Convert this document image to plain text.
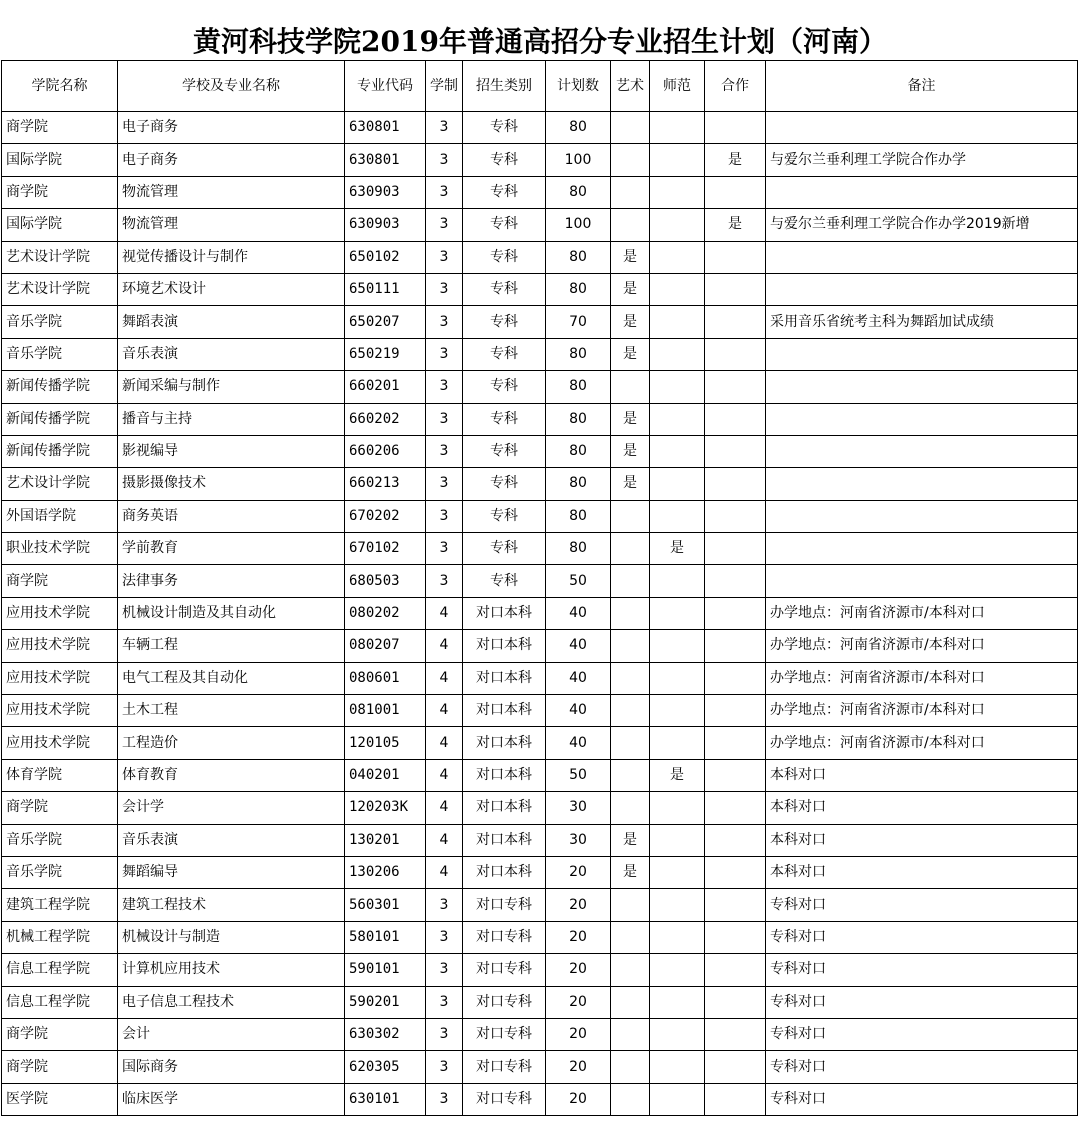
黄河科技学院2019年普通高招分专业招生计划（河南）
学院名称	学校及专业名称	专业代码	学制	招生类别	计划数	艺术	师范	合作	备注
商学院	电子商务	630801	3	专科	80				
国际学院	电子商务	630801	3	专科	100			是	与爱尔兰垂利理工学院合作办学
商学院	物流管理	630903	3	专科	80				
国际学院	物流管理	630903	3	专科	100			是	与爱尔兰垂利理工学院合作办学2019新增
艺术设计学院	视觉传播设计与制作	650102	3	专科	80	是			
艺术设计学院	环境艺术设计	650111	3	专科	80	是			
音乐学院	舞蹈表演	650207	3	专科	70	是			采用音乐省统考主科为舞蹈加试成绩
音乐学院	音乐表演	650219	3	专科	80	是			
新闻传播学院	新闻采编与制作	660201	3	专科	80				
新闻传播学院	播音与主持	660202	3	专科	80	是			
新闻传播学院	影视编导	660206	3	专科	80	是			
艺术设计学院	摄影摄像技术	660213	3	专科	80	是			
外国语学院	商务英语	670202	3	专科	80				
职业技术学院	学前教育	670102	3	专科	80		是		
商学院	法律事务	680503	3	专科	50				
应用技术学院	机械设计制造及其自动化	080202	4	对口本科	40				办学地点：河南省济源市/本科对口
应用技术学院	车辆工程	080207	4	对口本科	40				办学地点：河南省济源市/本科对口
应用技术学院	电气工程及其自动化	080601	4	对口本科	40				办学地点：河南省济源市/本科对口
应用技术学院	土木工程	081001	4	对口本科	40				办学地点：河南省济源市/本科对口
应用技术学院	工程造价	120105	4	对口本科	40				办学地点：河南省济源市/本科对口
体育学院	体育教育	040201	4	对口本科	50		是		本科对口
商学院	会计学	120203K	4	对口本科	30				本科对口
音乐学院	音乐表演	130201	4	对口本科	30	是			本科对口
音乐学院	舞蹈编导	130206	4	对口本科	20	是			本科对口
建筑工程学院	建筑工程技术	560301	3	对口专科	20				专科对口
机械工程学院	机械设计与制造	580101	3	对口专科	20				专科对口
信息工程学院	计算机应用技术	590101	3	对口专科	20				专科对口
信息工程学院	电子信息工程技术	590201	3	对口专科	20				专科对口
商学院	会计	630302	3	对口专科	20				专科对口
商学院	国际商务	620305	3	对口专科	20				专科对口
医学院	临床医学	630101	3	对口专科	20				专科对口
